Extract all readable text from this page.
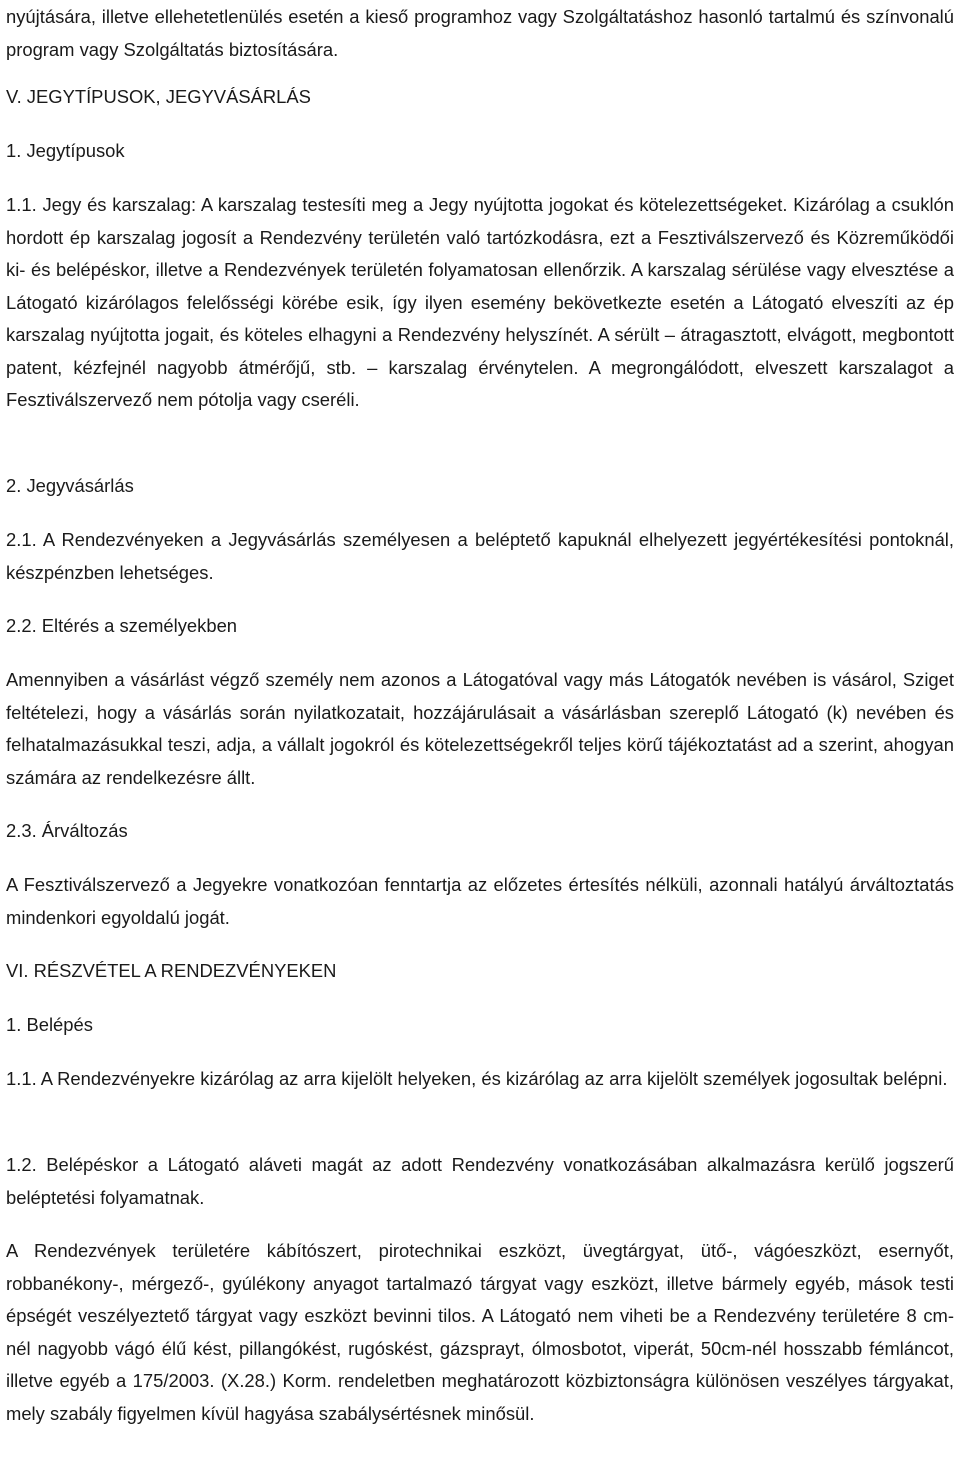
nyújtására, illetve ellehetetlenülés esetén a kieső programhoz vagy Szolgáltatáshoz hasonló tartalmú és színvonalú program vagy Szolgáltatás biztosítására.

V. JEGYTÍPUSOK, JEGYVÁSÁRLÁS

1. Jegytípusok

1.1. Jegy és karszalag: A karszalag testesíti meg a Jegy nyújtotta jogokat és kötelezettségeket. Kizárólag a csuklón hordott ép karszalag jogosít a Rendezvény területén való tartózkodásra, ezt a Fesztiválszervező és Közreműködői ki- és belépéskor, illetve a Rendezvények területén folyamatosan ellenőrzik. A karszalag sérülése vagy elvesztése a Látogató kizárólagos felelősségi körébe esik, így ilyen esemény bekövetkezte esetén a Látogató elveszíti az ép karszalag nyújtotta jogait, és köteles elhagyni a Rendezvény helyszínét. A sérült – átragasztott, elvágott, megbontott patent, kézfejnél nagyobb átmérőjű, stb. – karszalag érvénytelen. A megrongálódott, elveszett karszalagot a Fesztiválszervező nem pótolja vagy cseréli.

2. Jegyvásárlás

2.1. A Rendezvényeken a Jegyvásárlás személyesen a beléptető kapuknál elhelyezett jegyértékesítési pontoknál, készpénzben lehetséges.

2.2. Eltérés a személyekben

Amennyiben a vásárlást végző személy nem azonos a Látogatóval vagy más Látogatók nevében is vásárol, Sziget feltételezi, hogy a vásárlás során nyilatkozatait, hozzájárulásait a vásárlásban szereplő Látogató (k) nevében és felhatalmazásukkal teszi, adja, a vállalt jogokról és kötelezettségekről teljes körű tájékoztatást ad a szerint, ahogyan számára az rendelkezésre állt.

2.3. Árváltozás

A Fesztiválszervező a Jegyekre vonatkozóan fenntartja az előzetes értesítés nélküli, azonnali hatályú árváltoztatás mindenkori egyoldalú jogát.

VI. RÉSZVÉTEL A RENDEZVÉNYEKEN

1. Belépés

1.1. A Rendezvényekre kizárólag az arra kijelölt helyeken, és kizárólag az arra kijelölt személyek jogosultak belépni.

1.2. Belépéskor a Látogató aláveti magát az adott Rendezvény vonatkozásában alkalmazásra kerülő jogszerű beléptetési folyamatnak.

A Rendezvények területére kábítószert, pirotechnikai eszközt, üvegtárgyat, ütő-, vágóeszközt, esernyőt, robbanékony-, mérgező-, gyúlékony anyagot tartalmazó tárgyat vagy eszközt, illetve bármely egyéb, mások testi épségét veszélyeztető tárgyat vagy eszközt bevinni tilos. A Látogató nem viheti be a Rendezvény területére 8 cm-nél nagyobb vágó élű kést, pillangókést, rugóskést, gázsprayt, ólmosbotot, viperát, 50cm-nél hosszabb fémláncot, illetve egyéb a 175/2003. (X.28.) Korm. rendeletben meghatározott közbiztonságra különösen veszélyes tárgyakat, mely szabály figyelmen kívül hagyása szabálysértésnek minősül.
